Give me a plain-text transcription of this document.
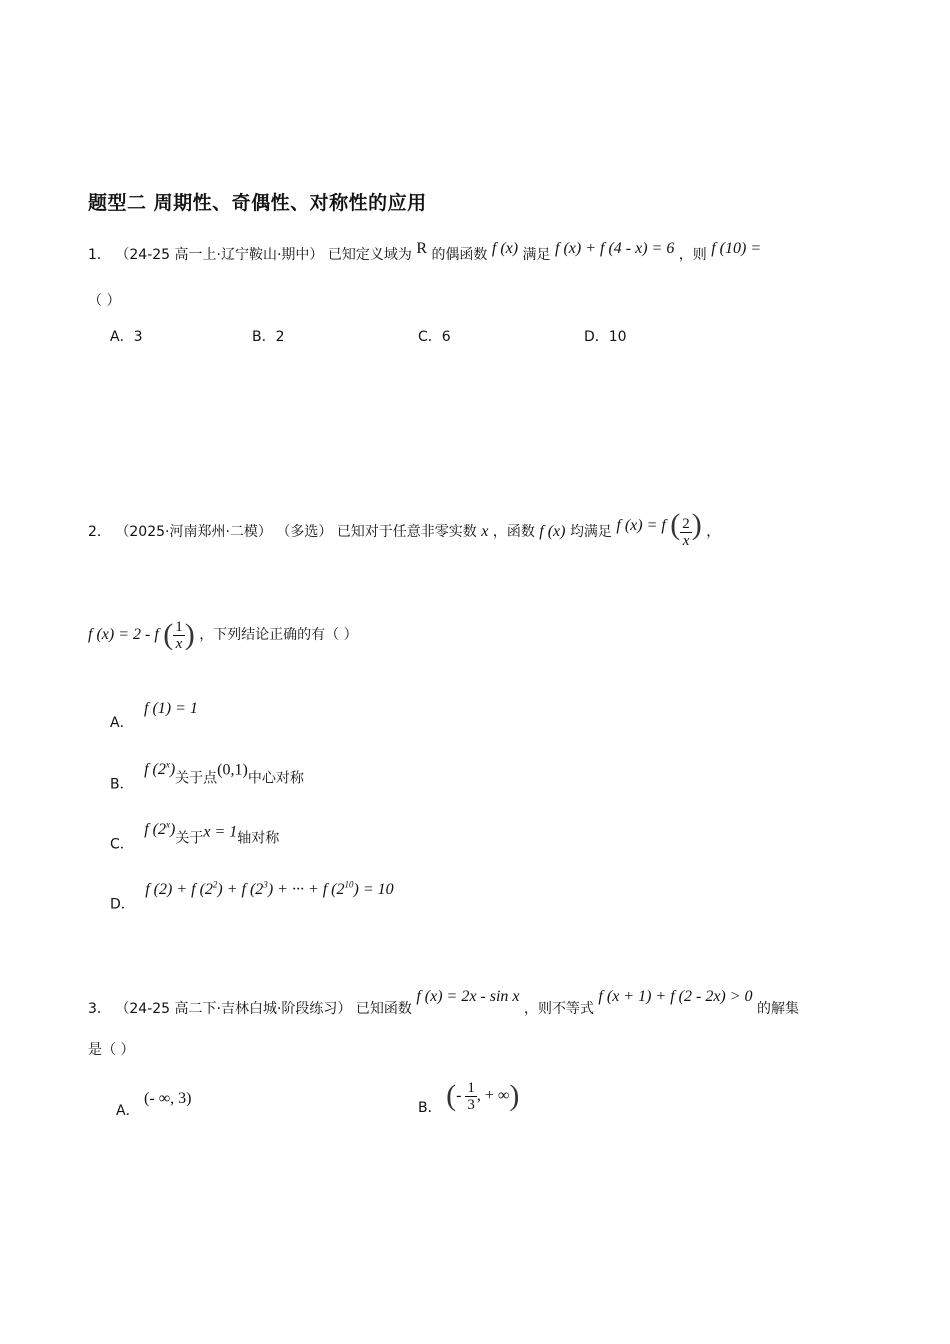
题型二 周期性、奇偶性、对称性的应用
1． （24-25 高一上·辽宁鞍山·期中） 已知定义域为 R 的偶函数 f (x) 满足 f (x) + f (4 - x) = 6 ，则 f (10) =
（ ）
A．3	B．2	C．6	D．10
2． （2025·河南郑州·二模） （多选） 已知对于任意非零实数 x ，函数 f (x) 均满足 f (x) = f ( $\frac{2}{x}$ ) ，
f (x) = 2 - f ( $\frac{1}{x}$ ) ，下列结论正确的有（ ）
A． f (1) = 1
B． f (2$^x$)关于点(0,1)中心对称
C． f (2$^x$)关于x = 1轴对称
D． f (2) + f $(2^2) + f$ $(2^3)$ + ··· + f $(2^{10}) = 10$
3． （24-25 高二下·吉林白城·阶段练习） 已知函数 f (x) = 2x - sin x ，则不等式 f (x + 1) + f (2 - 2x) > 0 的解集
是（ ）
A． (- ∞, 3)
B． (- $\frac{1}{3}$ , + ∞)
